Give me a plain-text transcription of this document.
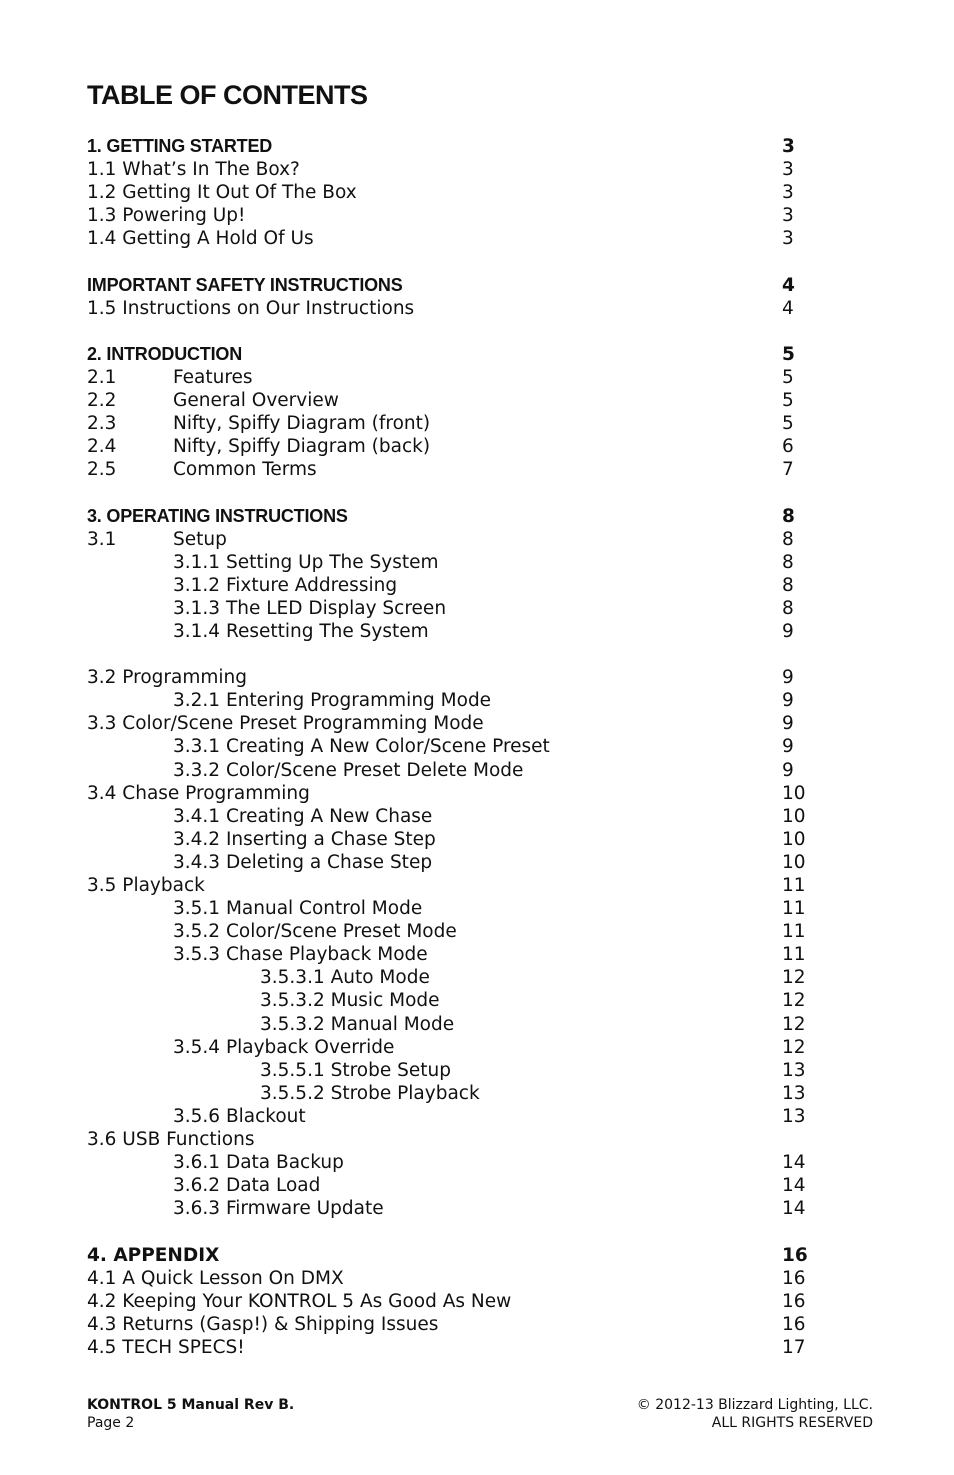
TABLE OF CONTENTS
1. GETTING STARTED	3
1.1 What’s In The Box?	3
1.2 Getting It Out Of The Box	3
1.3 Powering Up!	3
1.4 Getting A Hold Of Us	3
IMPORTANT SAFETY INSTRUCTIONS	4
1.5 Instructions on Our Instructions	4
2. INTRODUCTION	5
2.1	Features	5
2.2	General Overview	5
2.3	Nifty, Spiffy Diagram (front)	5
2.4	Nifty, Spiffy Diagram (back)	6
2.5	Common Terms	7
3. OPERATING INSTRUCTIONS	8
3.1	Setup	8
3.1.1 Setting Up The System	8
3.1.2 Fixture Addressing	8
3.1.3 The LED Display Screen	8
3.1.4 Resetting The System	9
3.2 Programming	9
3.2.1 Entering Programming Mode	9
3.3 Color/Scene Preset Programming Mode	9
3.3.1 Creating A New Color/Scene Preset	9
3.3.2 Color/Scene Preset Delete Mode	9
3.4 Chase Programming	10
3.4.1 Creating A New Chase	10
3.4.2 Inserting a Chase Step	10
3.4.3 Deleting a Chase Step	10
3.5 Playback	11
3.5.1 Manual Control Mode	11
3.5.2 Color/Scene Preset Mode	11
3.5.3 Chase Playback Mode	11
3.5.3.1 Auto Mode	12
3.5.3.2 Music Mode	12
3.5.3.2 Manual Mode	12
3.5.4 Playback Override	12
3.5.5.1 Strobe Setup	13
3.5.5.2 Strobe Playback	13
3.5.6 Blackout	13
3.6 USB Functions
3.6.1 Data Backup	14
3.6.2 Data Load	14
3.6.3 Firmware Update	14
4. APPENDIX	16
4.1 A Quick Lesson On DMX	16
4.2 Keeping Your KONTROL 5 As Good As New	16
4.3 Returns (Gasp!) & Shipping Issues	16
4.5 TECH SPECS!	17
KONTROL 5 Manual Rev B.
Page 2
© 2012-13 Blizzard Lighting, LLC.
ALL RIGHTS RESERVED
